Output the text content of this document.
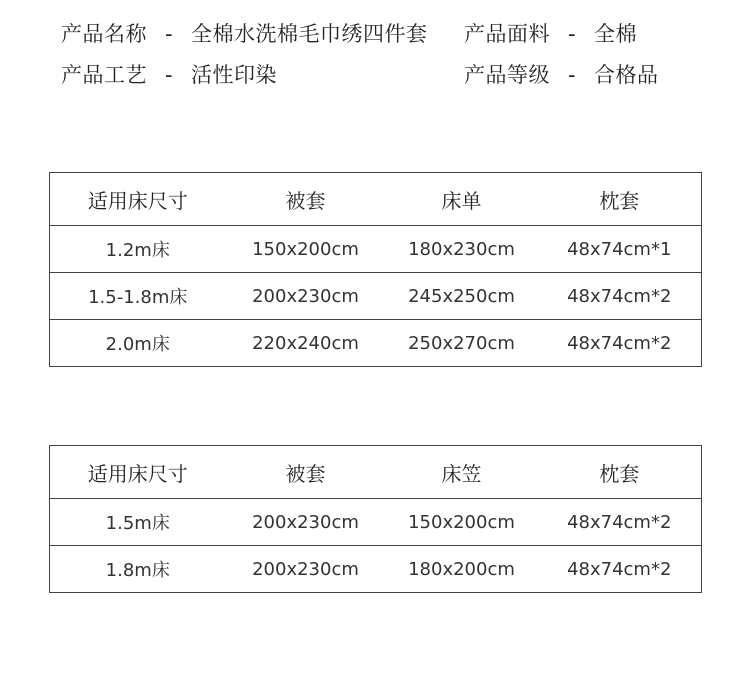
产品名称 - 全棉水洗棉毛巾绣四件套 产品面料 - 全棉
产品工艺 - 活性印染	产品等级 - 合格品
适用床尺寸	被套	床单	枕套
1.2m床	150x200cm	180x230cm	48x74cm*1
1.5-1.8m床	200x230cm	245x250cm	48x74cm*2
2.0m床	220x240cm	250x270cm	48x74cm*2
适用床尺寸	被套	床笠	枕套
1.5m床	200x230cm	150x200cm	48x74cm*2
1.8m床	200x230cm	180x200cm	48x74cm*2
